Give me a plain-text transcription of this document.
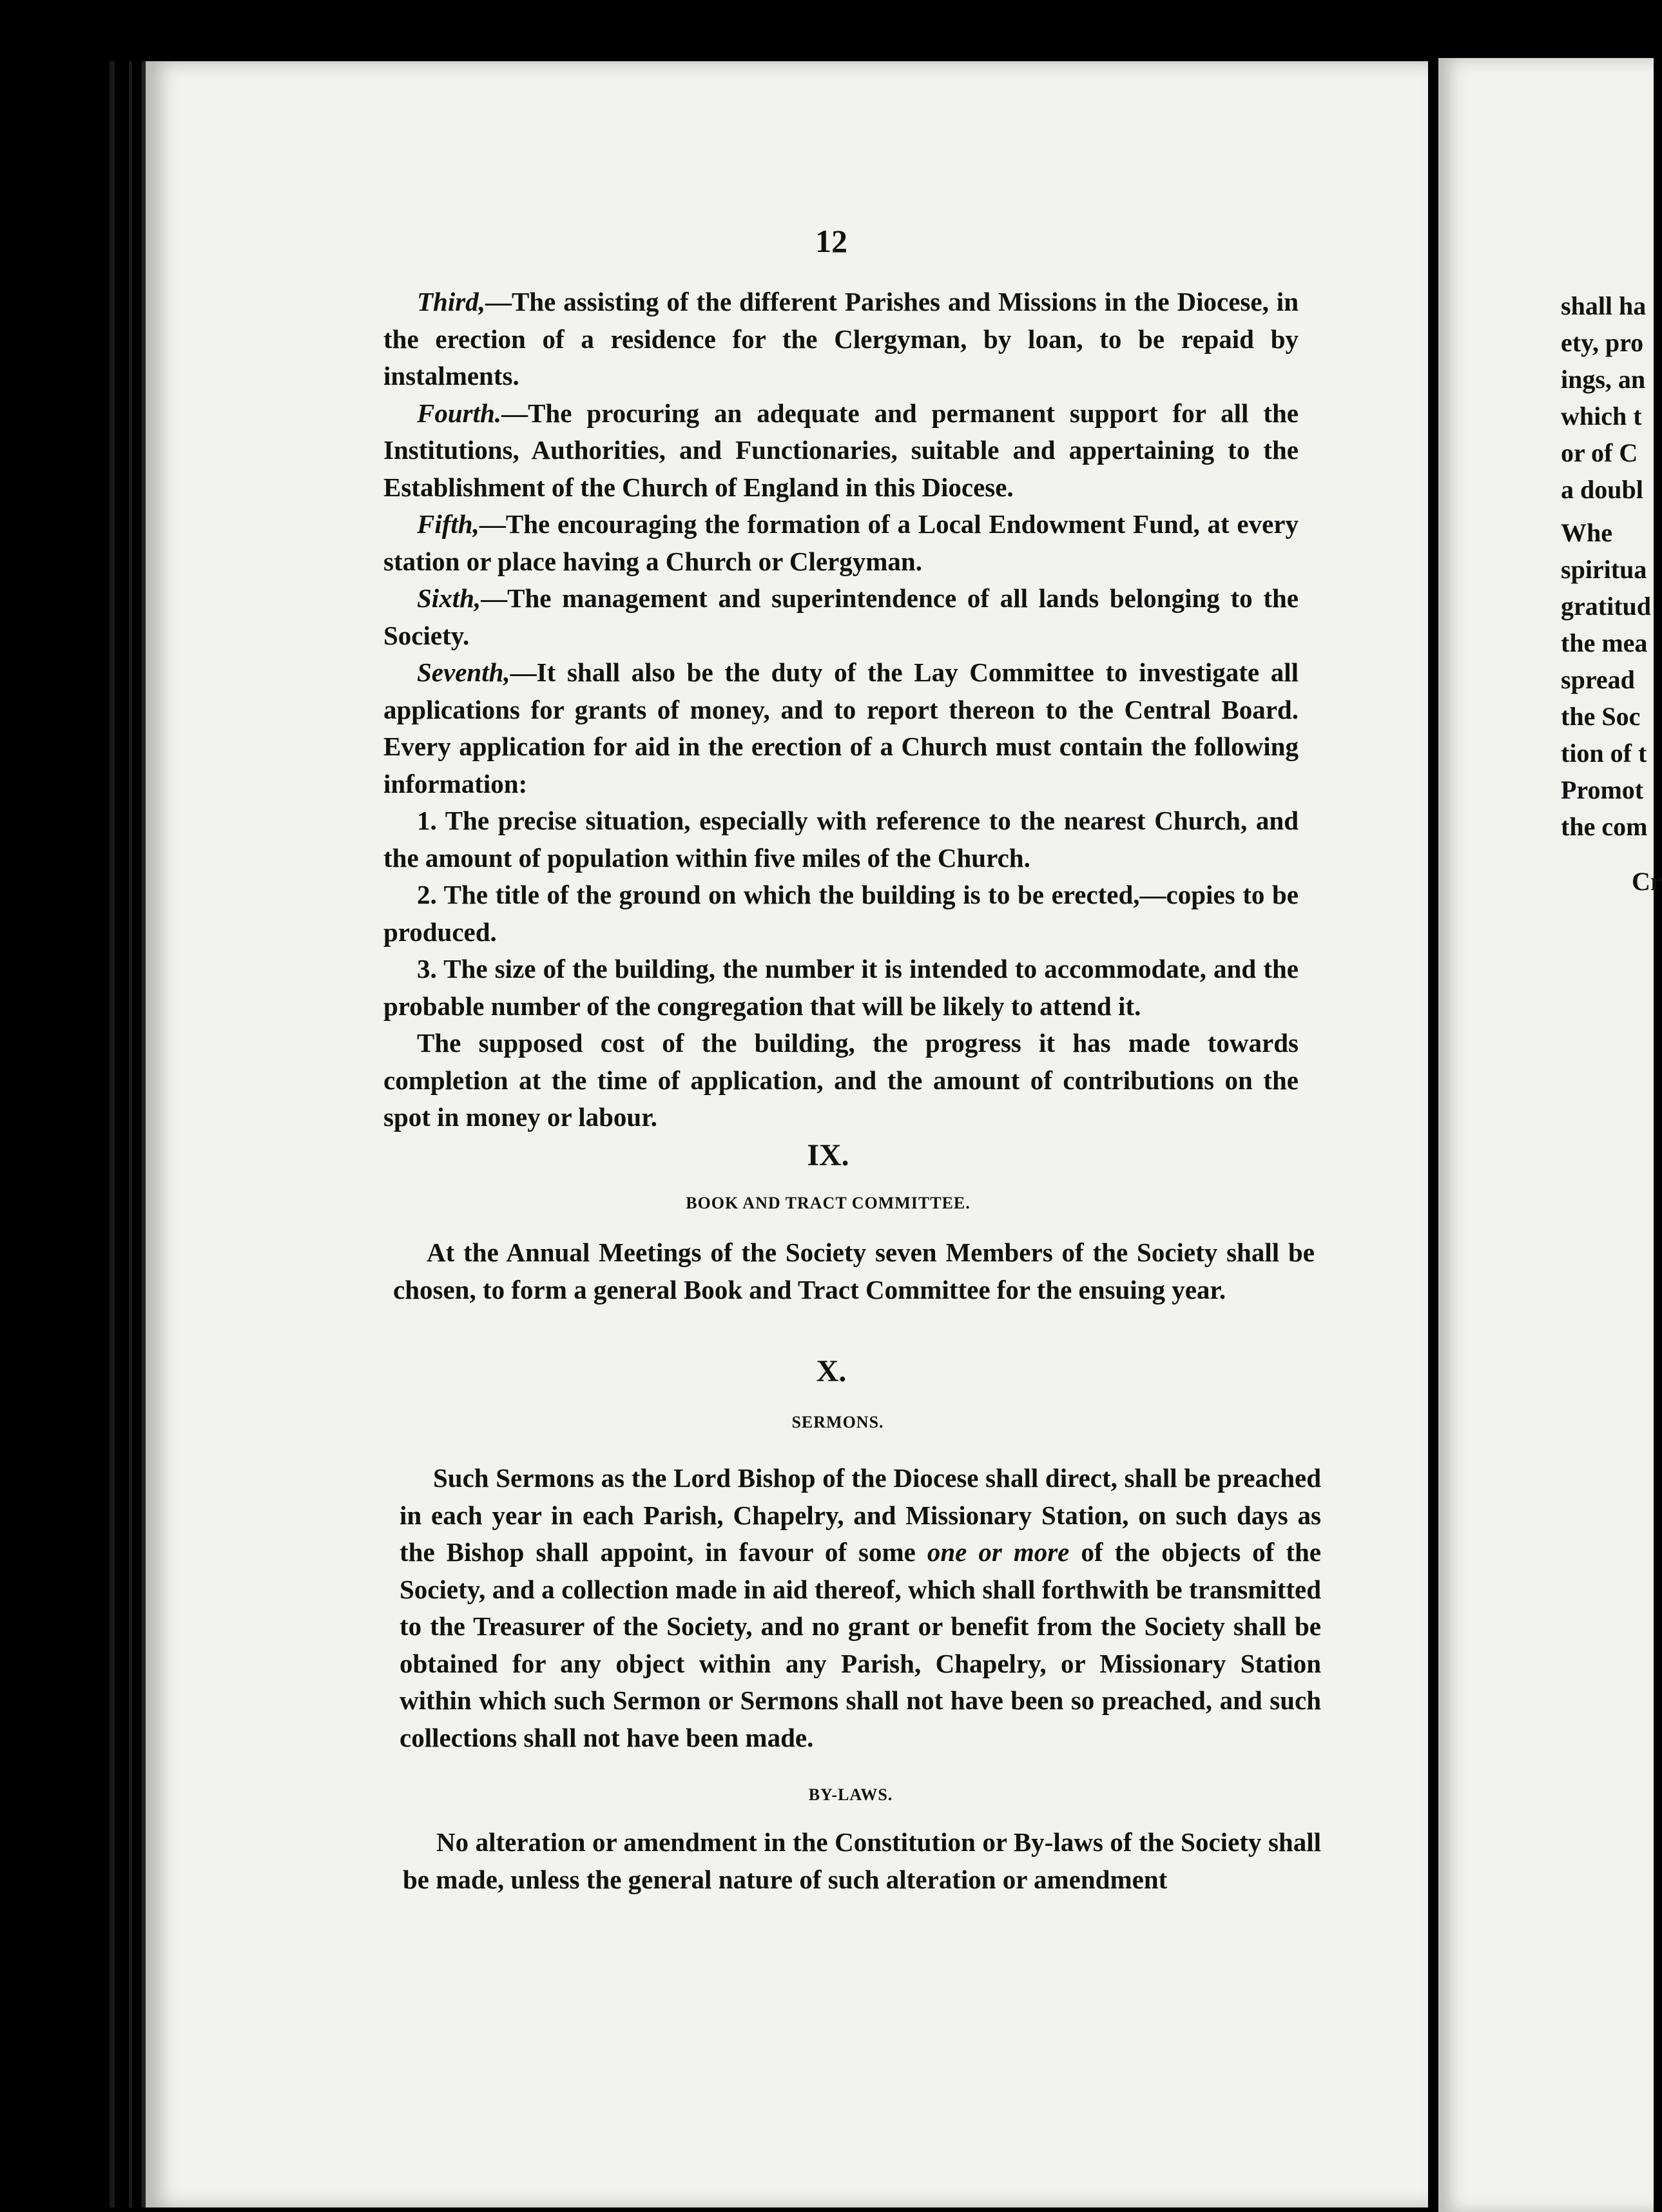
shall ha
ety, pro
ings, an
which t
or of C
a doubl
Whe
spiritua
gratitud
the mea
spread
the Soc
tion of t
Promot
the com
Cr
12

Third,—The assisting of the different Parishes and Missions in the Diocese, in the erection of a residence for the Clergyman, by loan, to be repaid by instalments.

Fourth.—The procuring an adequate and permanent support for all the Institutions, Authorities, and Functionaries, suitable and appertaining to the Establishment of the Church of England in this Diocese.

Fifth,—The encouraging the formation of a Local Endowment Fund, at every station or place having a Church or Clergyman.

Sixth,—The management and superintendence of all lands belonging to the Society.

Seventh,—It shall also be the duty of the Lay Committee to investigate all applications for grants of money, and to report thereon to the Central Board. Every application for aid in the erection of a Church must contain the following information:

1. The precise situation, especially with reference to the nearest Church, and the amount of population within five miles of the Church.

2. The title of the ground on which the building is to be erected,—copies to be produced.

3. The size of the building, the number it is intended to accommodate, and the probable number of the congregation that will be likely to attend it.

The supposed cost of the building, the progress it has made towards completion at the time of application, and the amount of contributions on the spot in money or labour.

IX.
BOOK AND TRACT COMMITTEE.

At the Annual Meetings of the Society seven Members of the Society shall be chosen, to form a general Book and Tract Committee for the ensuing year.

X.
SERMONS.

Such Sermons as the Lord Bishop of the Diocese shall direct, shall be preached in each year in each Parish, Chapelry, and Missionary Station, on such days as the Bishop shall appoint, in favour of some one or more of the objects of the Society, and a collection made in aid thereof, which shall forthwith be transmitted to the Treasurer of the Society, and no grant or benefit from the Society shall be obtained for any object within any Parish, Chapelry, or Missionary Station within which such Sermon or Sermons shall not have been so preached, and such collections shall not have been made.

BY-LAWS.

No alteration or amendment in the Constitution or By-laws of the Society shall be made, unless the general nature of such alteration or amendment
